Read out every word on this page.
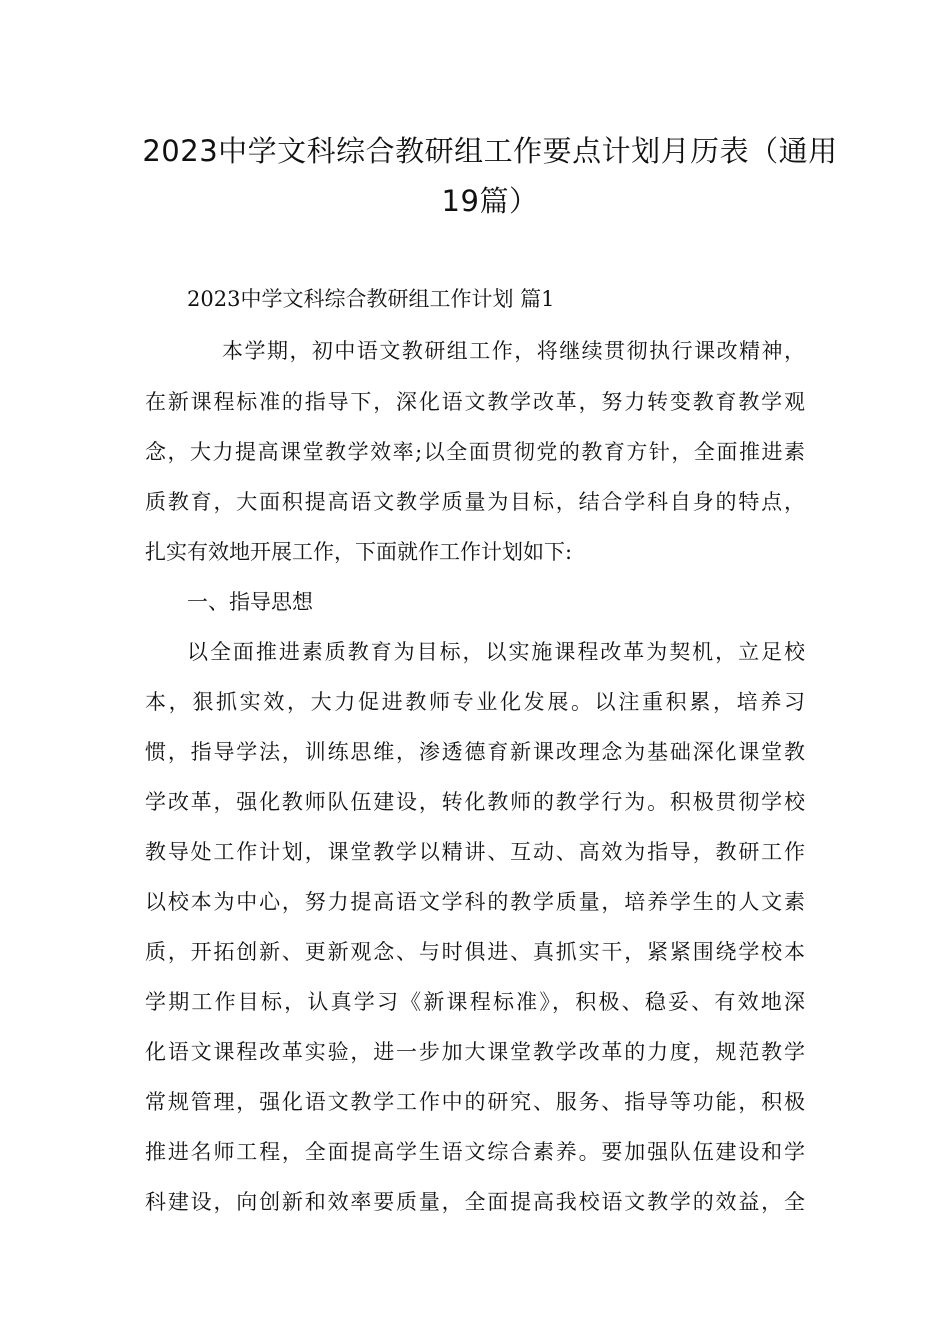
2023中学文科综合教研组工作要点计划月历表（通用
19篇）
2023中学文科综合教研组工作计划 篇1
本学期，初中语文教研组工作，将继续贯彻执行课改精神，
在新课程标准的指导下，深化语文教学改革，努力转变教育教学观
念，大力提高课堂教学效率;以全面贯彻党的教育方针，全面推进素
质教育，大面积提高语文教学质量为目标，结合学科自身的特点，
扎实有效地开展工作，下面就作工作计划如下:
一、指导思想
以全面推进素质教育为目标，以实施课程改革为契机，立足校
本，狠抓实效，大力促进教师专业化发展。以注重积累，培养习
惯，指导学法，训练思维，渗透德育新课改理念为基础深化课堂教
学改革，强化教师队伍建设，转化教师的教学行为。积极贯彻学校
教导处工作计划，课堂教学以精讲、互动、高效为指导，教研工作
以校本为中心，努力提高语文学科的教学质量，培养学生的人文素
质，开拓创新、更新观念、与时俱进、真抓实干，紧紧围绕学校本
学期工作目标，认真学习《新课程标准》，积极、稳妥、有效地深
化语文课程改革实验，进一步加大课堂教学改革的力度，规范教学
常规管理，强化语文教学工作中的研究、服务、指导等功能，积极
推进名师工程，全面提高学生语文综合素养。要加强队伍建设和学
科建设，向创新和效率要质量，全面提高我校语文教学的效益，全
